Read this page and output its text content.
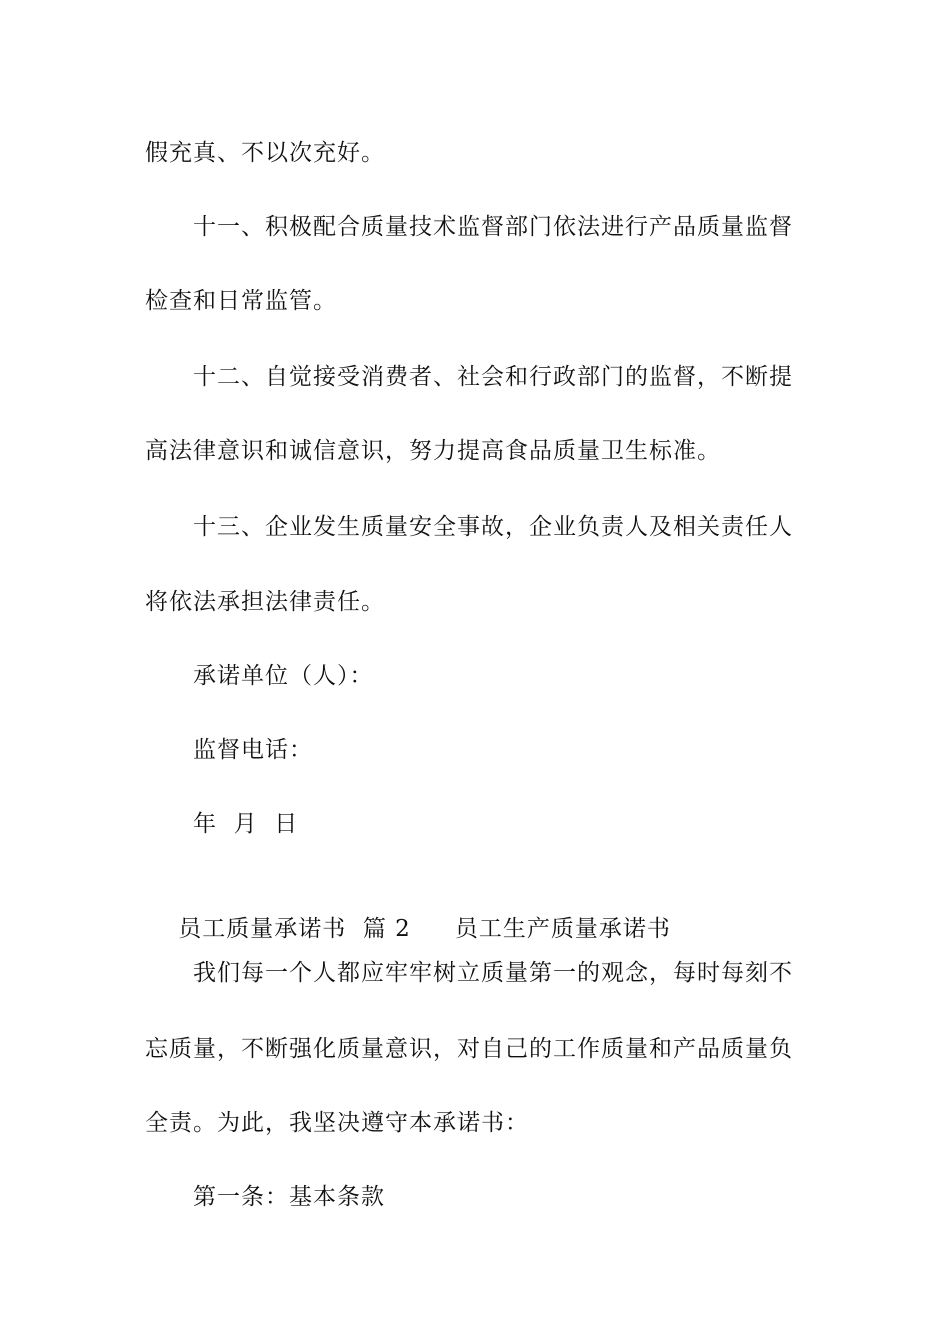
假充真、不以次充好。
十一、积极配合质量技术监督部门依法进行产品质量监督
检查和日常监管。
十二、自觉接受消费者、社会和行政部门的监督，不断提
高法律意识和诚信意识，努力提高食品质量卫生标准。
十三、企业发生质量安全事故，企业负责人及相关责任人
将依法承担法律责任。
承诺单位（人）：
监督电话：
年  月  日

员工质量承诺书  篇 2 员工生产质量承诺书

我们每一个人都应牢牢树立质量第一的观念，每时每刻不
忘质量，不断强化质量意识，对自己的工作质量和产品质量负
全责。为此，我坚决遵守本承诺书：
第一条：基本条款
